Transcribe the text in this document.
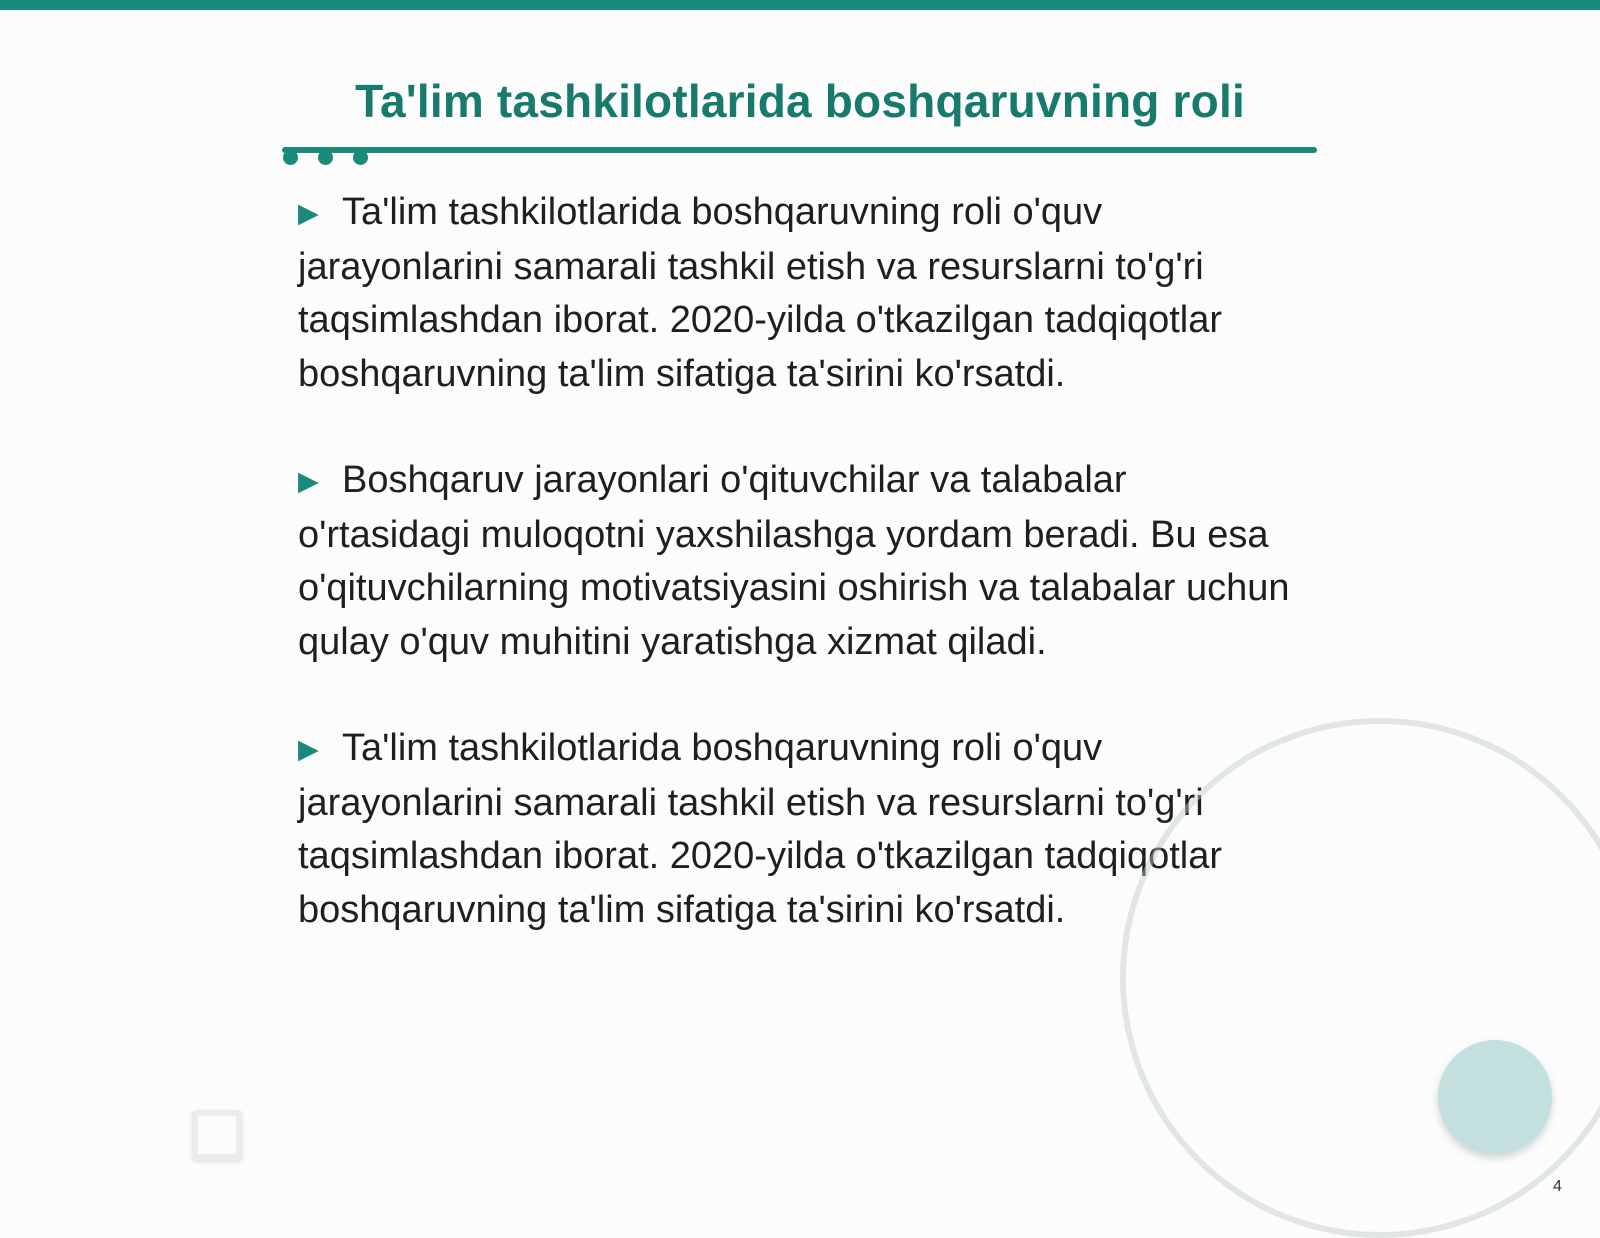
Ta'lim tashkilotlarida boshqaruvning roli

▶ Ta'lim tashkilotlarida boshqaruvning roli o'quv jarayonlarini samarali tashkil etish va resurslarni to'g'ri taqsimlashdan iborat. 2020-yilda o'tkazilgan tadqiqotlar boshqaruvning ta'lim sifatiga ta'sirini ko'rsatdi.

▶ Boshqaruv jarayonlari o'qituvchilar va talabalar o'rtasidagi muloqotni yaxshilashga yordam beradi. Bu esa o'qituvchilarning motivatsiyasini oshirish va talabalar uchun qulay o'quv muhitini yaratishga xizmat qiladi.

▶ Ta'lim tashkilotlarida boshqaruvning roli o'quv jarayonlarini samarali tashkil etish va resurslarni to'g'ri taqsimlashdan iborat. 2020-yilda o'tkazilgan tadqiqotlar boshqaruvning ta'lim sifatiga ta'sirini ko'rsatdi.

4
